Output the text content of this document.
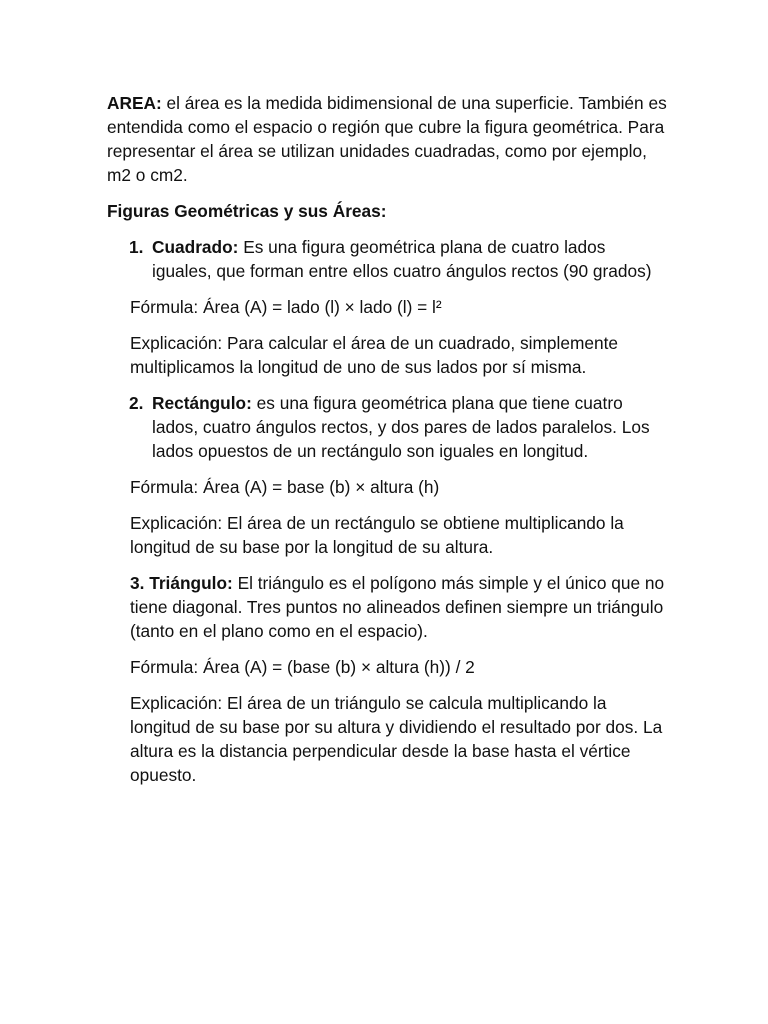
AREA: el área es la medida bidimensional de una superficie. También es entendida como el espacio o región que cubre la figura geométrica. Para representar el área se utilizan unidades cuadradas, como por ejemplo, m2 o cm2.

Figuras Geométricas y sus Áreas:

1. Cuadrado: Es una figura geométrica plana de cuatro lados iguales, que forman entre ellos cuatro ángulos rectos (90 grados)

Fórmula: Área (A) = lado (l) × lado (l) = l²

Explicación: Para calcular el área de un cuadrado, simplemente multiplicamos la longitud de uno de sus lados por sí misma.

2. Rectángulo: es una figura geométrica plana que tiene cuatro lados, cuatro ángulos rectos, y dos pares de lados paralelos. Los lados opuestos de un rectángulo son iguales en longitud.

Fórmula: Área (A) = base (b) × altura (h)

Explicación: El área de un rectángulo se obtiene multiplicando la longitud de su base por la longitud de su altura.

3. Triángulo: El triángulo es el polígono más simple y el único que no tiene diagonal. Tres puntos no alineados definen siempre un triángulo (tanto en el plano como en el espacio).

Fórmula: Área (A) = (base (b) × altura (h)) / 2

Explicación: El área de un triángulo se calcula multiplicando la longitud de su base por su altura y dividiendo el resultado por dos. La altura es la distancia perpendicular desde la base hasta el vértice opuesto.
